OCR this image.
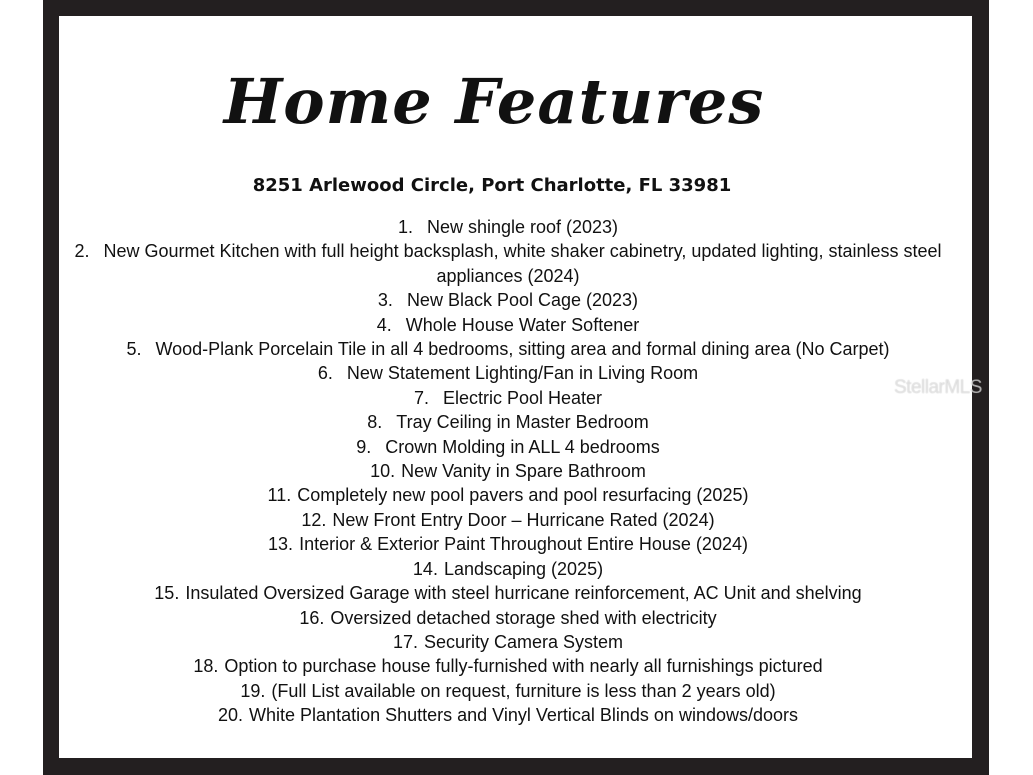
Home Features
8251 Arlewood Circle, Port Charlotte, FL 33981
1. New shingle roof (2023)
2. New Gourmet Kitchen with full height backsplash, white shaker cabinetry, updated lighting, stainless steel appliances (2024)
3. New Black Pool Cage (2023)
4. Whole House Water Softener
5. Wood-Plank Porcelain Tile in all 4 bedrooms, sitting area and formal dining area (No Carpet)
6. New Statement Lighting/Fan in Living Room
7. Electric Pool Heater
8. Tray Ceiling in Master Bedroom
9. Crown Molding in ALL 4 bedrooms
10. New Vanity in Spare Bathroom
11. Completely new pool pavers and pool resurfacing (2025)
12. New Front Entry Door – Hurricane Rated (2024)
13. Interior & Exterior Paint Throughout Entire House (2024)
14. Landscaping (2025)
15. Insulated Oversized Garage with steel hurricane reinforcement, AC Unit and shelving
16. Oversized detached storage shed with electricity
17. Security Camera System
18. Option to purchase house fully-furnished with nearly all furnishings pictured
19. (Full List available on request, furniture is less than 2 years old)
20. White Plantation Shutters and Vinyl Vertical Blinds on windows/doors
StellarMLS
